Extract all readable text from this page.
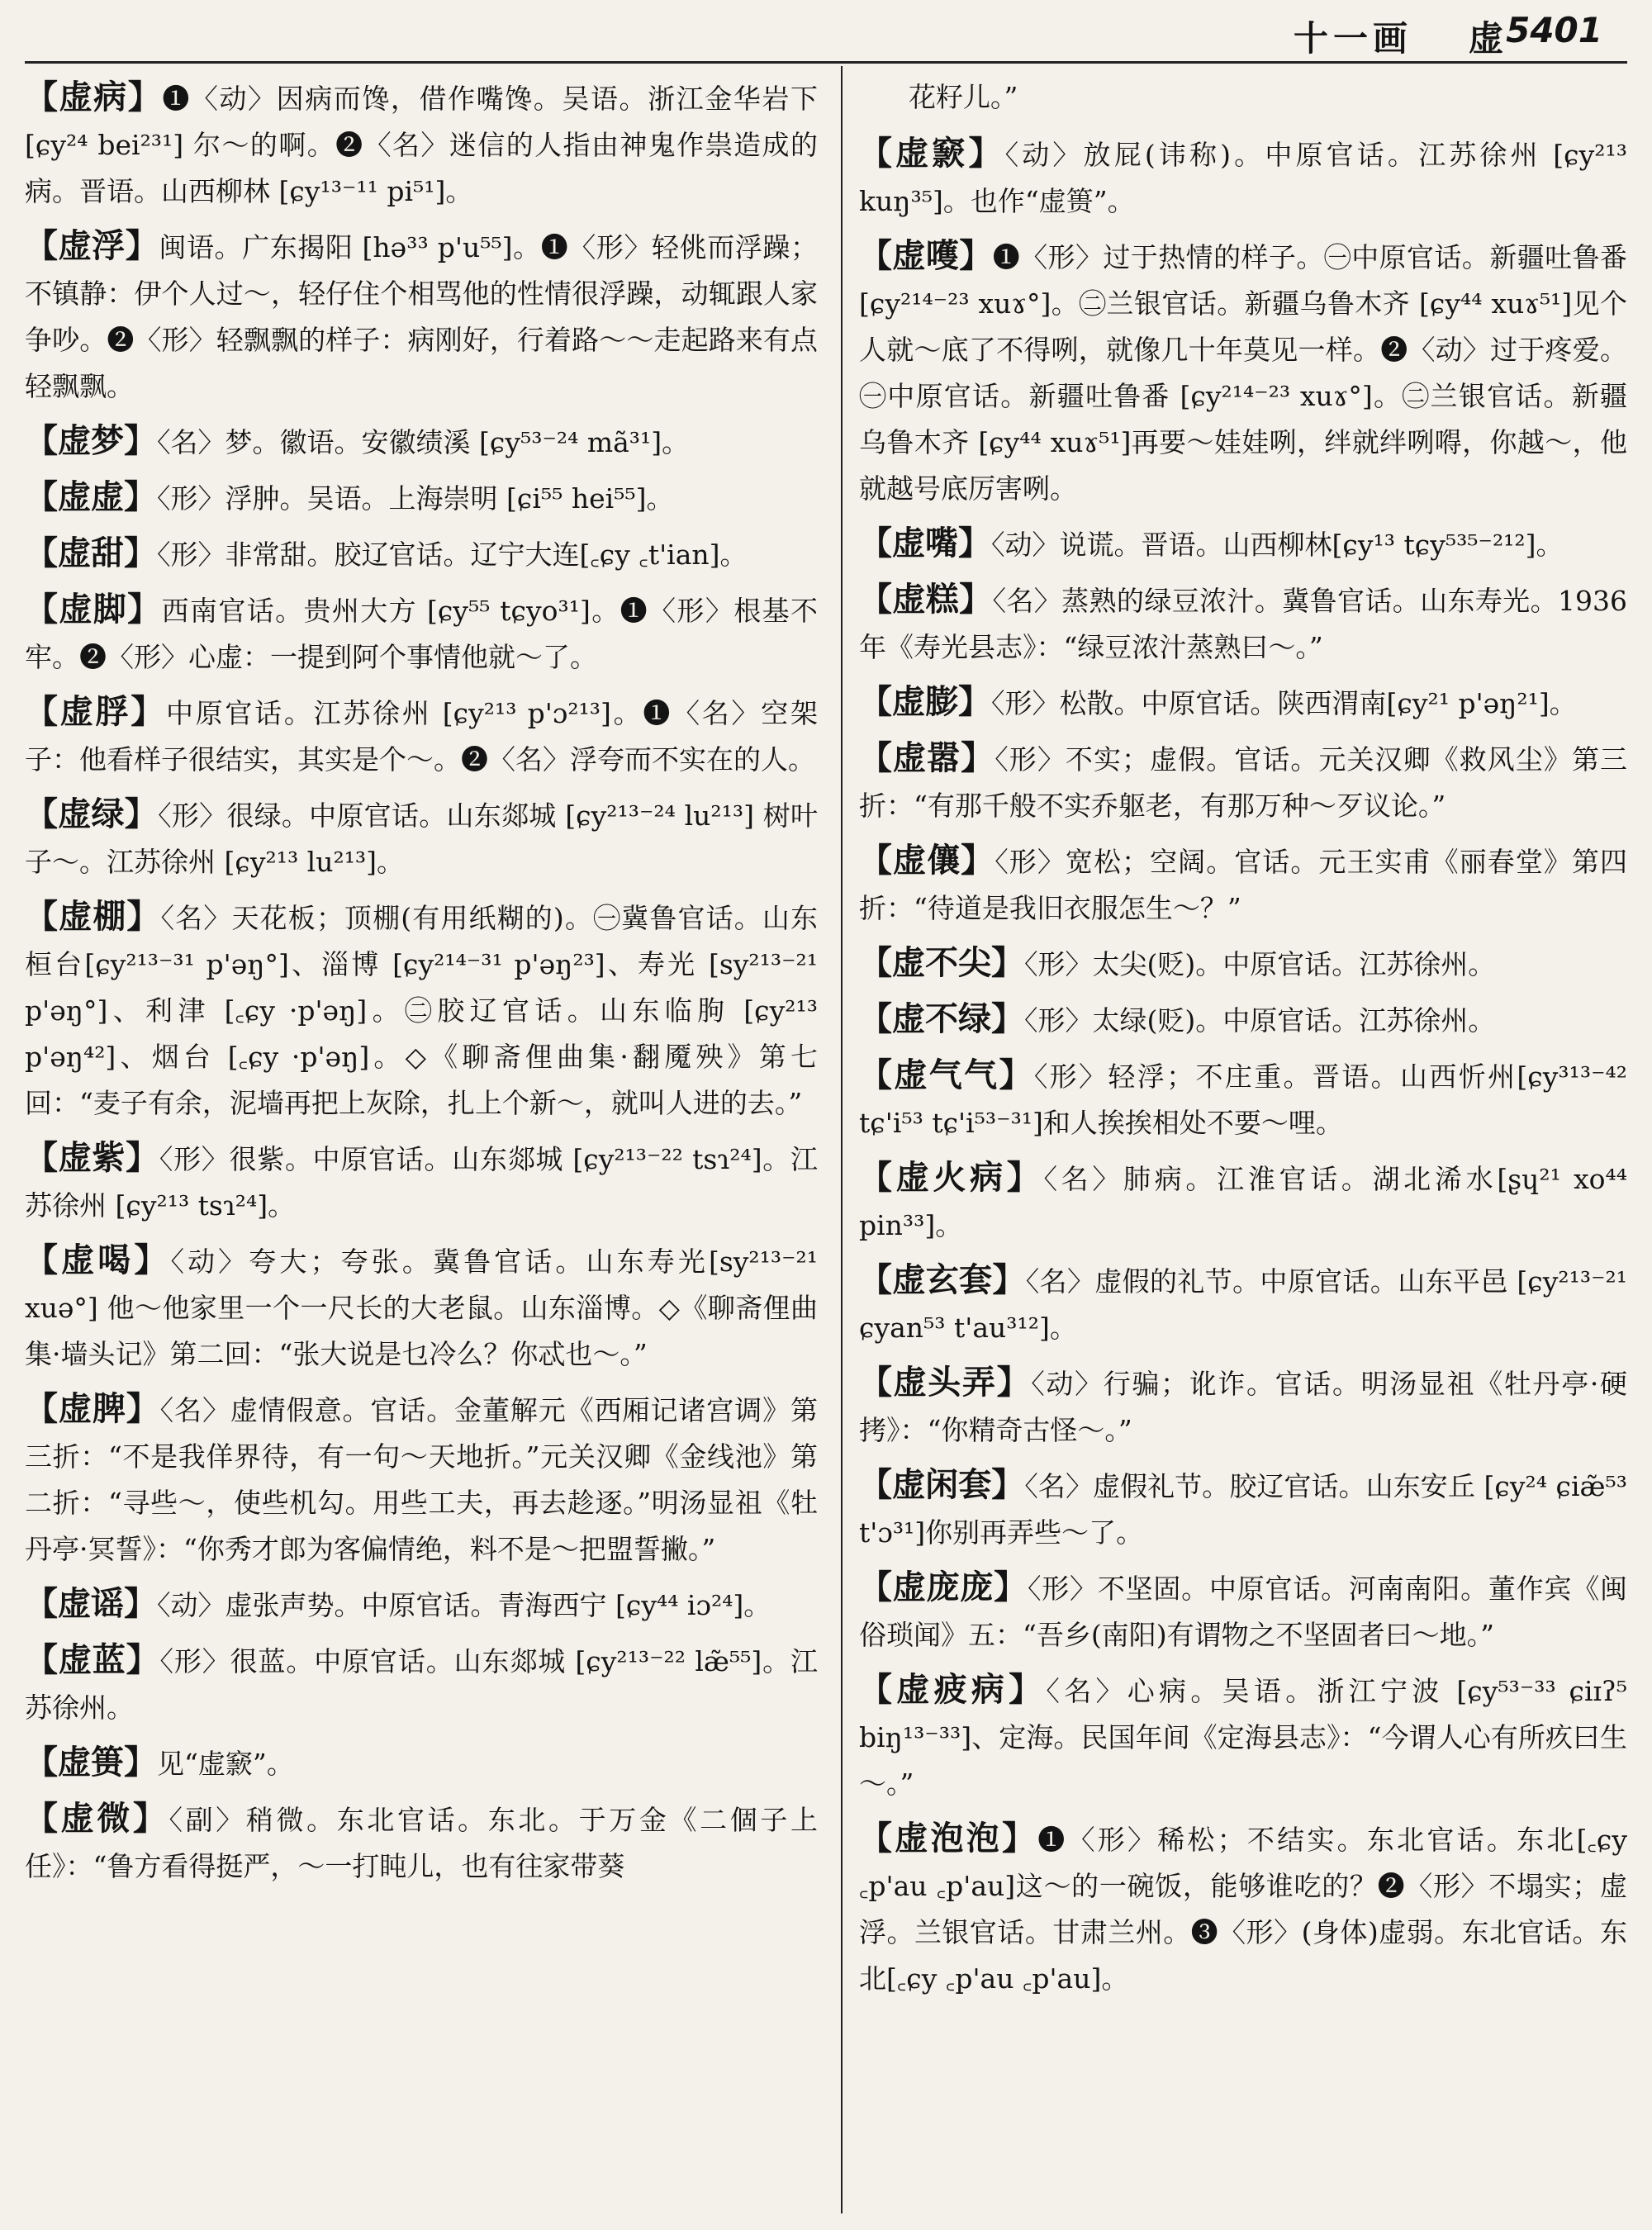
十一画 虚 5401

【虚病】❶〈动〉因病而馋，借作嘴馋。吴语。浙江金华岩下 [ɕy²⁴ bei²³¹] 尔～的啊。❷〈名〉迷信的人指由神鬼作祟造成的病。晋语。山西柳林 [ɕy¹³⁻¹¹ pi⁵¹]。

【虚浮】闽语。广东揭阳 [hə³³ p'u⁵⁵]。❶〈形〉轻佻而浮躁；不镇静：伊个人过～，轻仔住个相骂他的性情很浮躁，动辄跟人家争吵。❷〈形〉轻飘飘的样子：病刚好，行着路～～走起路来有点轻飘飘。

【虚梦】〈名〉梦。徽语。安徽绩溪 [ɕy⁵³⁻²⁴ mã³¹]。

【虚虚】〈形〉浮肿。吴语。上海崇明 [ɕi⁵⁵ hei⁵⁵]。

【虚甜】〈形〉非常甜。胶辽官话。辽宁大连[꜀ɕy ꜀t'ian]。

【虚脚】西南官话。贵州大方 [ɕy⁵⁵ tɕyo³¹]。❶〈形〉根基不牢。❷〈形〉心虚：一提到阿个事情他就～了。

【虚脬】中原官话。江苏徐州 [ɕy²¹³ p'ɔ²¹³]。❶〈名〉空架子：他看样子很结实，其实是个～。❷〈名〉浮夸而不实在的人。

【虚绿】〈形〉很绿。中原官话。山东郯城 [ɕy²¹³⁻²⁴ lu²¹³] 树叶子～。江苏徐州 [ɕy²¹³ lu²¹³]。

【虚棚】〈名〉天花板；顶棚(有用纸糊的)。㊀冀鲁官话。山东桓台[ɕy²¹³⁻³¹ p'əŋ°]、淄博 [ɕy²¹⁴⁻³¹ p'əŋ²³]、寿光 [sy²¹³⁻²¹ p'əŋ°]、利津 [꜀ɕy ·p'əŋ]。㊁胶辽官话。山东临朐 [ɕy²¹³ p'əŋ⁴²]、烟台 [꜀ɕy ·p'əŋ]。◇《聊斋俚曲集·翻魇殃》第七回：“麦子有余，泥墙再把上灰除，扎上个新～，就叫人进的去。”

【虚紫】〈形〉很紫。中原官话。山东郯城 [ɕy²¹³⁻²² tsɿ²⁴]。江苏徐州 [ɕy²¹³ tsɿ²⁴]。

【虚喝】〈动〉夸大；夸张。冀鲁官话。山东寿光[sy²¹³⁻²¹ xuə°] 他～他家里一个一尺长的大老鼠。山东淄博。◇《聊斋俚曲集·墙头记》第二回：“张大说是乜冷么？你忒也～。”

【虚脾】〈名〉虚情假意。官话。金董解元《西厢记诸宫调》第三折：“不是我佯界待，有一句～天地折。”元关汉卿《金线池》第二折：“寻些～，使些机勾。用些工夫，再去趁逐。”明汤显祖《牡丹亭·冥誓》：“你秀才郎为客偏情绝，料不是～把盟誓撇。”

【虚谣】〈动〉虚张声势。中原官话。青海西宁 [ɕy⁴⁴ iɔ²⁴]。

【虚蓝】〈形〉很蓝。中原官话。山东郯城 [ɕy²¹³⁻²² læ̃⁵⁵]。江苏徐州。

【虚篑】见“虚窾”。

【虚微】〈副〉稍微。东北官话。东北。于万金《二個子上任》：“鲁方看得挺严，～一打盹儿，也有往家带葵

花籽儿。”

【虚窾】〈动〉放屁(讳称)。中原官话。江苏徐州 [ɕy²¹³ kuŋ³⁵]。也作“虚篑”。

【虚嚄】❶〈形〉过于热情的样子。㊀中原官话。新疆吐鲁番 [ɕy²¹⁴⁻²³ xuɤ°]。㊁兰银官话。新疆乌鲁木齐 [ɕy⁴⁴ xuɤ⁵¹]见个人就～底了不得咧，就像几十年莫见一样。❷〈动〉过于疼爱。㊀中原官话。新疆吐鲁番 [ɕy²¹⁴⁻²³ xuɤ°]。㊁兰银官话。新疆乌鲁木齐 [ɕy⁴⁴ xuɤ⁵¹]再要～娃娃咧，绊就绊咧嘚，你越～，他就越号底厉害咧。

【虚嘴】〈动〉说谎。晋语。山西柳林[ɕy¹³ tɕy⁵³⁵⁻²¹²]。

【虚糕】〈名〉蒸熟的绿豆浓汁。冀鲁官话。山东寿光。1936年《寿光县志》：“绿豆浓汁蒸熟曰～。”

【虚膨】〈形〉松散。中原官话。陕西渭南[ɕy²¹ p'əŋ²¹]。

【虚嚣】〈形〉不实；虚假。官话。元关汉卿《救风尘》第三折：“有那千般不实乔躯老，有那万种～歹议论。”

【虚儴】〈形〉宽松；空阔。官话。元王实甫《丽春堂》第四折：“待道是我旧衣服怎生～？”

【虚不尖】〈形〉太尖(贬)。中原官话。江苏徐州。

【虚不绿】〈形〉太绿(贬)。中原官话。江苏徐州。

【虚气气】〈形〉轻浮；不庄重。晋语。山西忻州[ɕy³¹³⁻⁴² tɕ'i⁵³ tɕ'i⁵³⁻³¹]和人挨挨相处不要～哩。

【虚火病】〈名〉肺病。江淮官话。湖北浠水[ʂɥ²¹ xo⁴⁴ pin³³]。

【虚玄套】〈名〉虚假的礼节。中原官话。山东平邑 [ɕy²¹³⁻²¹ ɕyan⁵³ t'au³¹²]。

【虚头弄】〈动〉行骗；讹诈。官话。明汤显祖《牡丹亭·硬拷》：“你精奇古怪～。”

【虚闲套】〈名〉虚假礼节。胶辽官话。山东安丘 [ɕy²⁴ ɕiæ̃⁵³ t'ɔ³¹]你别再弄些～了。

【虚庞庞】〈形〉不坚固。中原官话。河南南阳。董作宾《闽俗琐闻》五：“吾乡(南阳)有谓物之不坚固者曰～地。”

【虚疲病】〈名〉心病。吴语。浙江宁波 [ɕy⁵³⁻³³ ɕiɪʔ⁵ biŋ¹³⁻³³]、定海。民国年间《定海县志》：“今谓人心有所疚曰生～。”

【虚泡泡】❶〈形〉稀松；不结实。东北官话。东北[꜀ɕy ꜀p'au ꜀p'au]这～的一碗饭，能够谁吃的？❷〈形〉不塌实；虚浮。兰银官话。甘肃兰州。❸〈形〉(身体)虚弱。东北官话。东北[꜀ɕy ꜀p'au ꜀p'au]。
